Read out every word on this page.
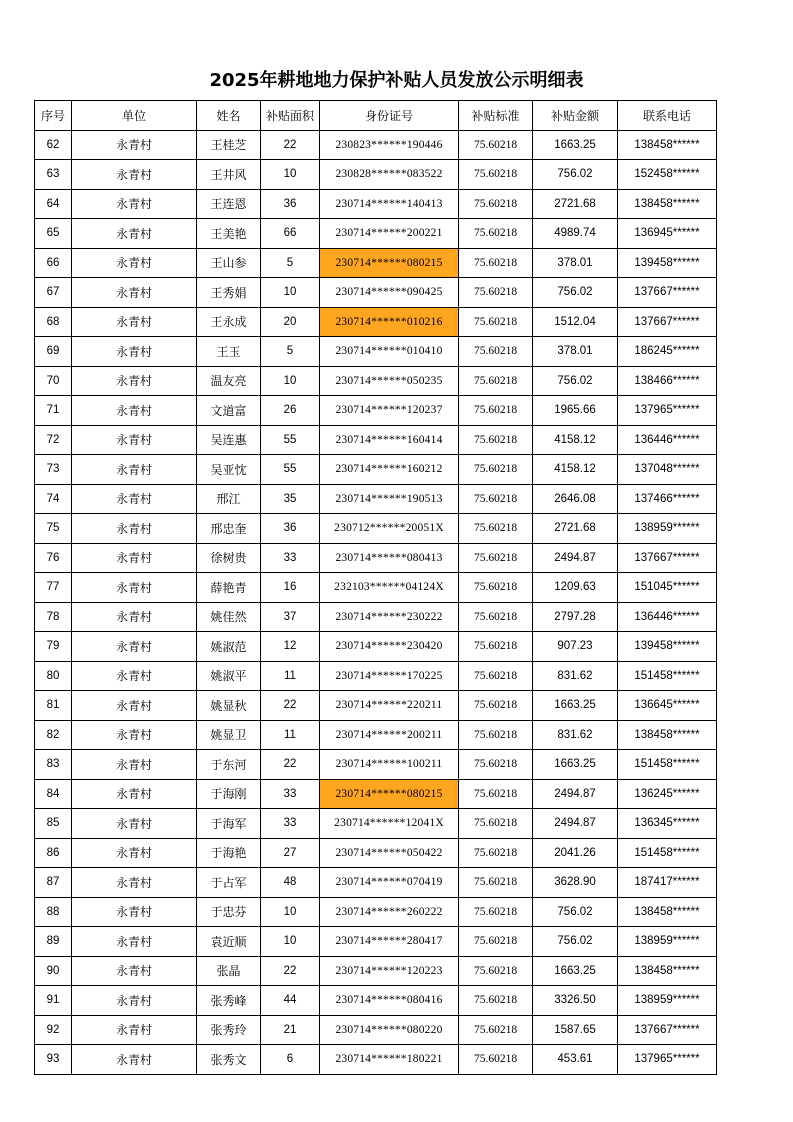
2025年耕地地力保护补贴人员发放公示明细表
序号	单位	姓名	补贴面积	身份证号	补贴标准	补贴金额	联系电话
62	永青村	王桂芝	22	230823******190446	75.60218	1663.25	138458******
63	永青村	王井风	10	230828******083522	75.60218	756.02	152458******
64	永青村	王连恩	36	230714******140413	75.60218	2721.68	138458******
65	永青村	王美艳	66	230714******200221	75.60218	4989.74	136945******
66	永青村	王山参	5	230714******080215	75.60218	378.01	139458******
67	永青村	王秀娟	10	230714******090425	75.60218	756.02	137667******
68	永青村	王永成	20	230714******010216	75.60218	1512.04	137667******
69	永青村	王玉	5	230714******010410	75.60218	378.01	186245******
70	永青村	温友亮	10	230714******050235	75.60218	756.02	138466******
71	永青村	文道富	26	230714******120237	75.60218	1965.66	137965******
72	永青村	吴连惠	55	230714******160414	75.60218	4158.12	136446******
73	永青村	吴亚忱	55	230714******160212	75.60218	4158.12	137048******
74	永青村	邢江	35	230714******190513	75.60218	2646.08	137466******
75	永青村	邢忠奎	36	230712******20051X	75.60218	2721.68	138959******
76	永青村	徐树贵	33	230714******080413	75.60218	2494.87	137667******
77	永青村	薛艳青	16	232103******04124X	75.60218	1209.63	151045******
78	永青村	姚佳然	37	230714******230222	75.60218	2797.28	136446******
79	永青村	姚淑范	12	230714******230420	75.60218	907.23	139458******
80	永青村	姚淑平	11	230714******170225	75.60218	831.62	151458******
81	永青村	姚显秋	22	230714******220211	75.60218	1663.25	136645******
82	永青村	姚显卫	11	230714******200211	75.60218	831.62	138458******
83	永青村	于东河	22	230714******100211	75.60218	1663.25	151458******
84	永青村	于海刚	33	230714******080215	75.60218	2494.87	136245******
85	永青村	于海军	33	230714******12041X	75.60218	2494.87	136345******
86	永青村	于海艳	27	230714******050422	75.60218	2041.26	151458******
87	永青村	于占军	48	230714******070419	75.60218	3628.90	187417******
88	永青村	于忠芬	10	230714******260222	75.60218	756.02	138458******
89	永青村	袁近顺	10	230714******280417	75.60218	756.02	138959******
90	永青村	张晶	22	230714******120223	75.60218	1663.25	138458******
91	永青村	张秀峰	44	230714******080416	75.60218	3326.50	138959******
92	永青村	张秀玲	21	230714******080220	75.60218	1587.65	137667******
93	永青村	张秀文	6	230714******180221	75.60218	453.61	137965******
